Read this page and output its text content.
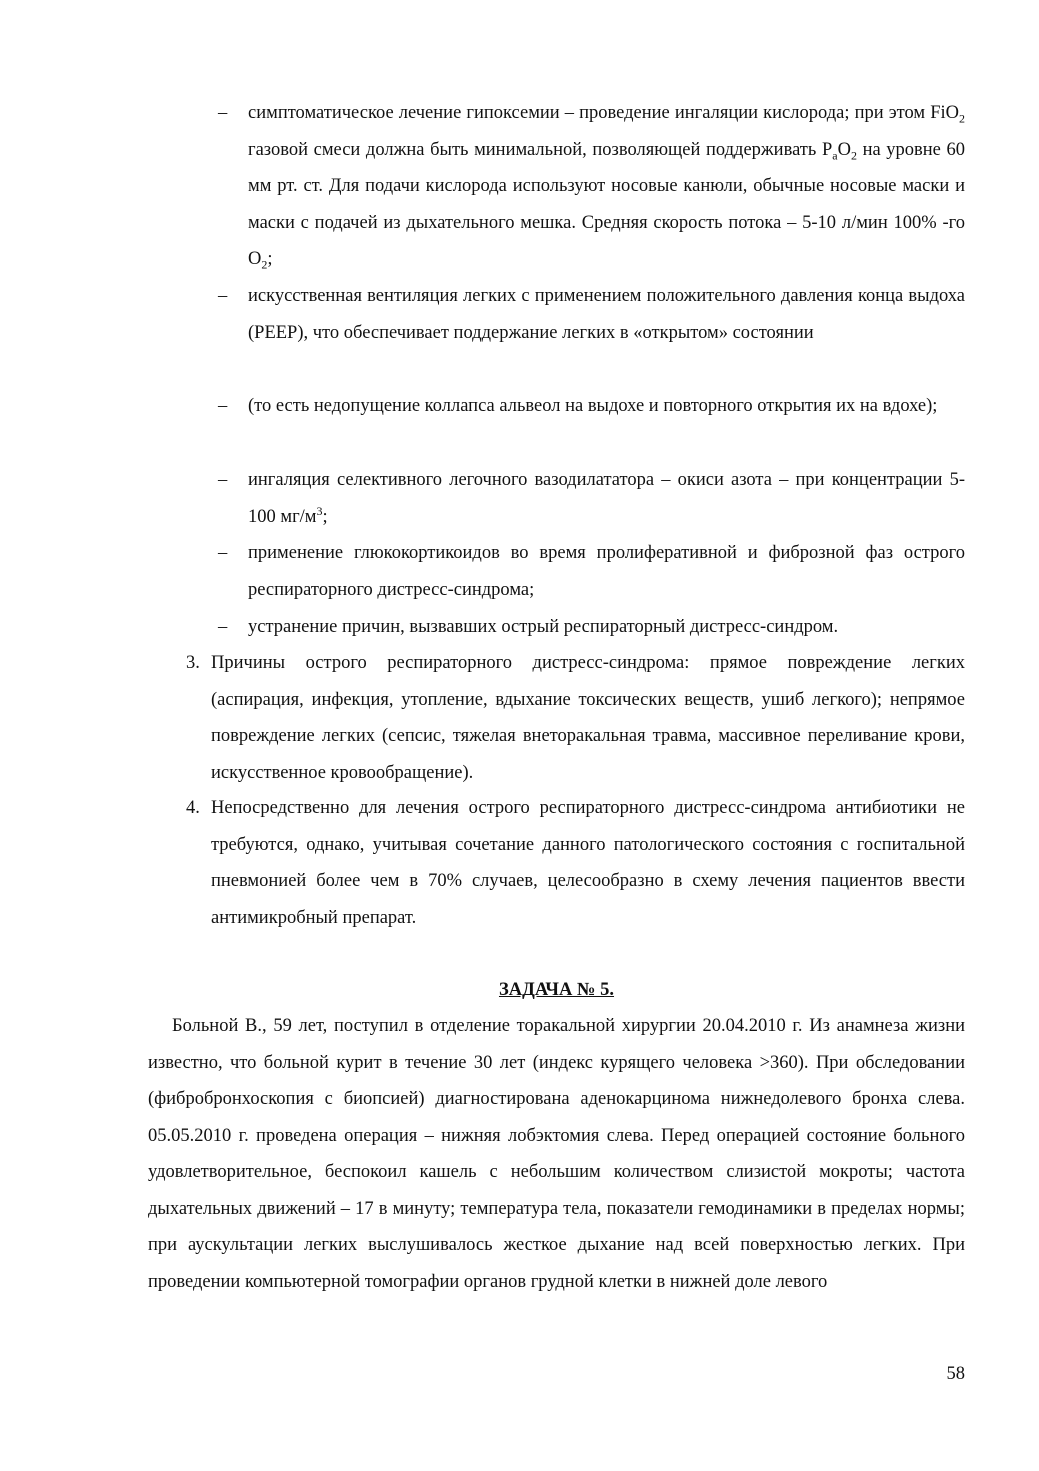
– симптоматическое лечение гипоксемии – проведение ингаляции кислорода; при этом FiO$_2$ газовой смеси должна быть минимальной, позволяющей поддерживать $P_aO_2$ на уровне 60 мм рт. ст. Для подачи кислорода используют носовые канюли, обычные носовые маски и маски с подачей из дыхательного мешка. Средняя скорость потока – 5-10 л/мин 100% -го $O_2$;
– искусственная вентиляция легких с применением положительного давления конца выдоха (PEEP), что обеспечивает поддержание легких в «открытом» состоянии
– (то есть недопущение коллапса альвеол на выдохе и повторного открытия их на вдохе);
– ингаляция селективного легочного вазодилататора – окиси азота – при концентрации 5-100 $мг/м^3$;
– применение глюкокортикоидов во время пролиферативной и фиброзной фаз острого респираторного дистресс-синдрома;
– устранение причин, вызвавших острый респираторный дистресс-синдром.
3. Причины острого респираторного дистресс-синдрома: прямое повреждение легких (аспирация, инфекция, утопление, вдыхание токсических веществ, ушиб легкого); непрямое повреждение легких (сепсис, тяжелая внеторакальная травма, массивное переливание крови, искусственное кровообращение).
4. Непосредственно для лечения острого респираторного дистресс-синдрома антибиотики не требуются, однако, учитывая сочетание данного патологического состояния с госпитальной пневмонией более чем в 70% случаев, целесообразно в схему лечения пациентов ввести антимикробный препарат.
ЗАДАЧА № 5.
Больной В., 59 лет, поступил в отделение торакальной хирургии 20.04.2010 г. Из анамнеза жизни известно, что больной курит в течение 30 лет (индекс курящего человека >360). При обследовании (фибробронхоскопия с биопсией) диагностирована аденокарцинома нижнедолевого бронха слева. 05.05.2010 г. проведена операция – нижняя лобэктомия слева. Перед операцией состояние больного удовлетворительное, беспокоил кашель с небольшим количеством слизистой мокроты; частота дыхательных движений – 17 в минуту; температура тела, показатели гемодинамики в пределах нормы; при аускультации легких выслушивалось жесткое дыхание над всей поверхностью легких. При проведении компьютерной томографии органов грудной клетки в нижней доле левого
58
